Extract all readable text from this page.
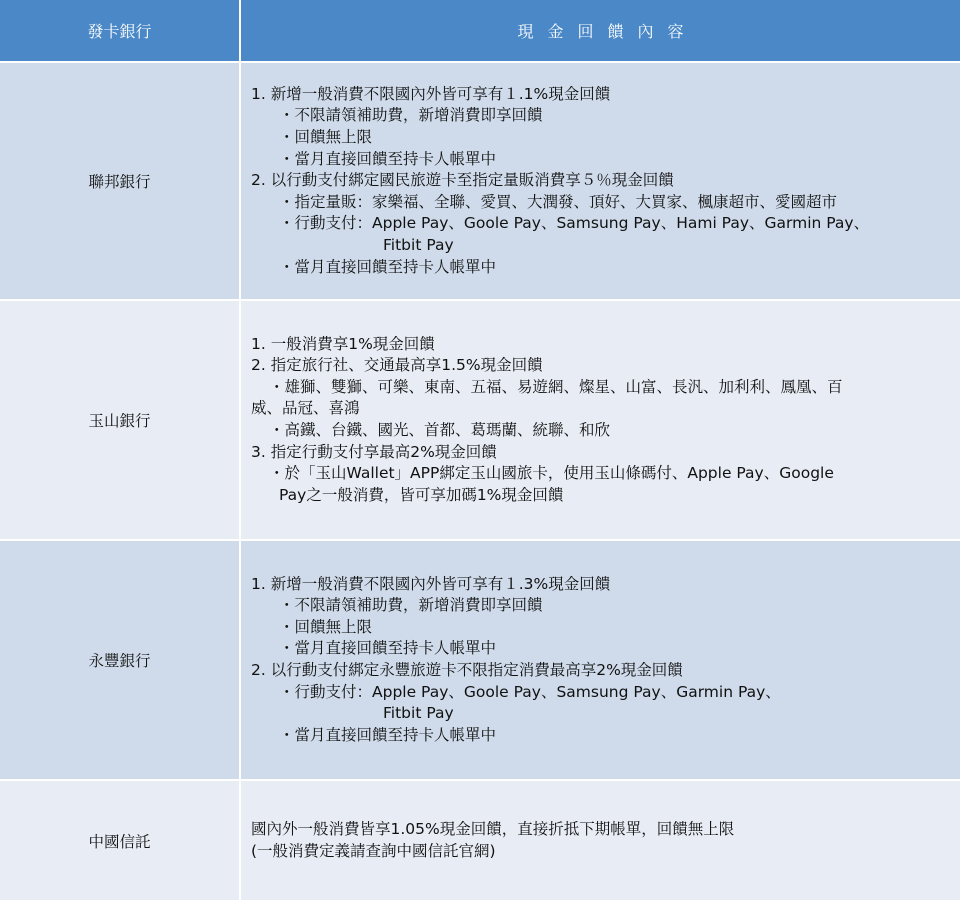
發卡銀行	現金回饋內容
聯邦銀行
1. 新增一般消費不限國內外皆可享有１.1%現金回饋
・不限請領補助費，新增消費即享回饋
・回饋無上限
・當月直接回饋至持卡人帳單中
2. 以行動支付綁定國民旅遊卡至指定量販消費享５％現金回饋
・指定量販：家樂福、全聯、愛買、大潤發、頂好、大買家、楓康超市、愛國超市
・行動支付：Apple Pay、Goole Pay、Samsung Pay、Hami Pay、Garmin Pay、
Fitbit Pay
・當月直接回饋至持卡人帳單中
玉山銀行
1. 一般消費享1%現金回饋
2. 指定旅行社、交通最高享1.5%現金回饋
・雄獅、雙獅、可樂、東南、五福、易遊網、燦星、山富、長汎、加利利、鳳凰、百
威、品冠、喜鴻
・高鐵、台鐵、國光、首都、葛瑪蘭、統聯、和欣
3. 指定行動支付享最高2%現金回饋
・於「玉山Wallet」APP綁定玉山國旅卡，使用玉山條碼付、Apple Pay、Google
Pay之一般消費，皆可享加碼1%現金回饋
永豐銀行
1. 新增一般消費不限國內外皆可享有１.3%現金回饋
・不限請領補助費，新增消費即享回饋
・回饋無上限
・當月直接回饋至持卡人帳單中
2. 以行動支付綁定永豐旅遊卡不限指定消費最高享2%現金回饋
・行動支付：Apple Pay、Goole Pay、Samsung Pay、Garmin Pay、
Fitbit Pay
・當月直接回饋至持卡人帳單中
中國信託
國內外一般消費皆享1.05%現金回饋，直接折抵下期帳單，回饋無上限
(一般消費定義請查詢中國信託官網)
